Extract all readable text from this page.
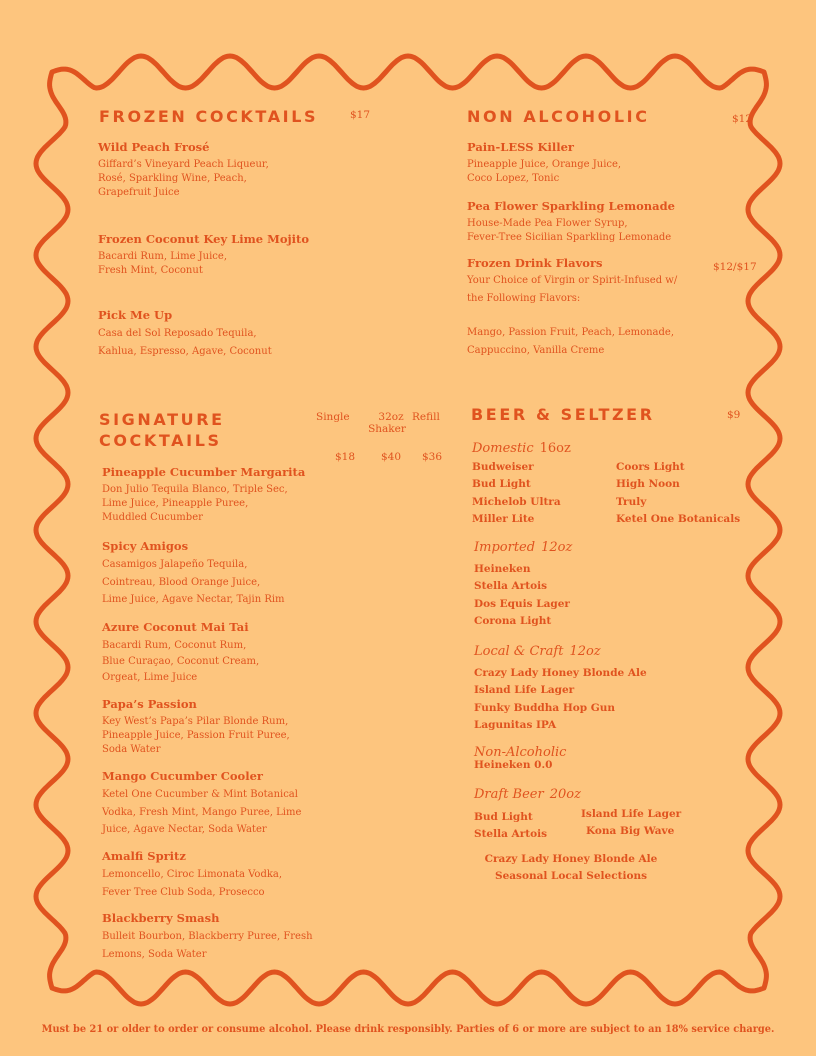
FROZEN COCKTAILS	$17
Wild Peach Frosé
Giffard’s Vineyard Peach Liqueur,
Rosé, Sparkling Wine, Peach,
Grapefruit Juice
Frozen Coconut Key Lime Mojito
Bacardi Rum, Lime Juice,
Fresh Mint, Coconut
Pick Me Up
Casa del Sol Reposado Tequila,
Kahlua, Espresso, Agave, Coconut
NON ALCOHOLIC	$12
Pain-LESS Killer
Pineapple Juice, Orange Juice,
Coco Lopez, Tonic
Pea Flower Sparkling Lemonade
House-Made Pea Flower Syrup,
Fever-Tree Sicilian Sparkling Lemonade
Frozen Drink Flavors	$12/$17
Your Choice of Virgin or Spirit-Infused w/
the Following Flavors:
Mango, Passion Fruit, Peach, Lemonade,
Cappuccino, Vanilla Creme
SIGNATURE
COCKTAILS
Single	32oz
Shaker
Refill
$18 $40 $36
Pineapple Cucumber Margarita
Don Julio Tequila Blanco, Triple Sec,
Lime Juice, Pineapple Puree,
Muddled Cucumber
Spicy Amigos
Casamigos Jalapeño Tequila,
Cointreau, Blood Orange Juice,
Lime Juice, Agave Nectar, Tajin Rim
Azure Coconut Mai Tai
Bacardi Rum, Coconut Rum,
Blue Curaçao, Coconut Cream,
Orgeat, Lime Juice
Papa’s Passion
Key West’s Papa’s Pilar Blonde Rum,
Pineapple Juice, Passion Fruit Puree,
Soda Water
Mango Cucumber Cooler
Ketel One Cucumber & Mint Botanical
Vodka, Fresh Mint, Mango Puree, Lime
Juice, Agave Nectar, Soda Water
Amalfi Spritz
Lemoncello, Ciroc Limonata Vodka,
Fever Tree Club Soda, Prosecco
Blackberry Smash
Bulleit Bourbon, Blackberry Puree, Fresh
Lemons, Soda Water
BEER & SELTZER	$9
Domestic 16oz
Budweiser
Bud Light
Michelob Ultra
Miller Lite
Coors Light
High Noon
Truly
Ketel One Botanicals
Imported 12oz
Heineken
Stella Artois
Dos Equis Lager
Corona Light
Local & Craft 12oz
Crazy Lady Honey Blonde Ale
Island Life Lager
Funky Buddha Hop Gun
Lagunitas IPA
Non-Alcoholic
Heineken 0.0
Draft Beer 20oz
Bud Light
Stella Artois
Island Life Lager
Kona Big Wave
Crazy Lady Honey Blonde Ale
Seasonal Local Selections
Must be 21 or older to order or consume alcohol. Please drink responsibly. Parties of 6 or more are subject to an 18% service charge.
